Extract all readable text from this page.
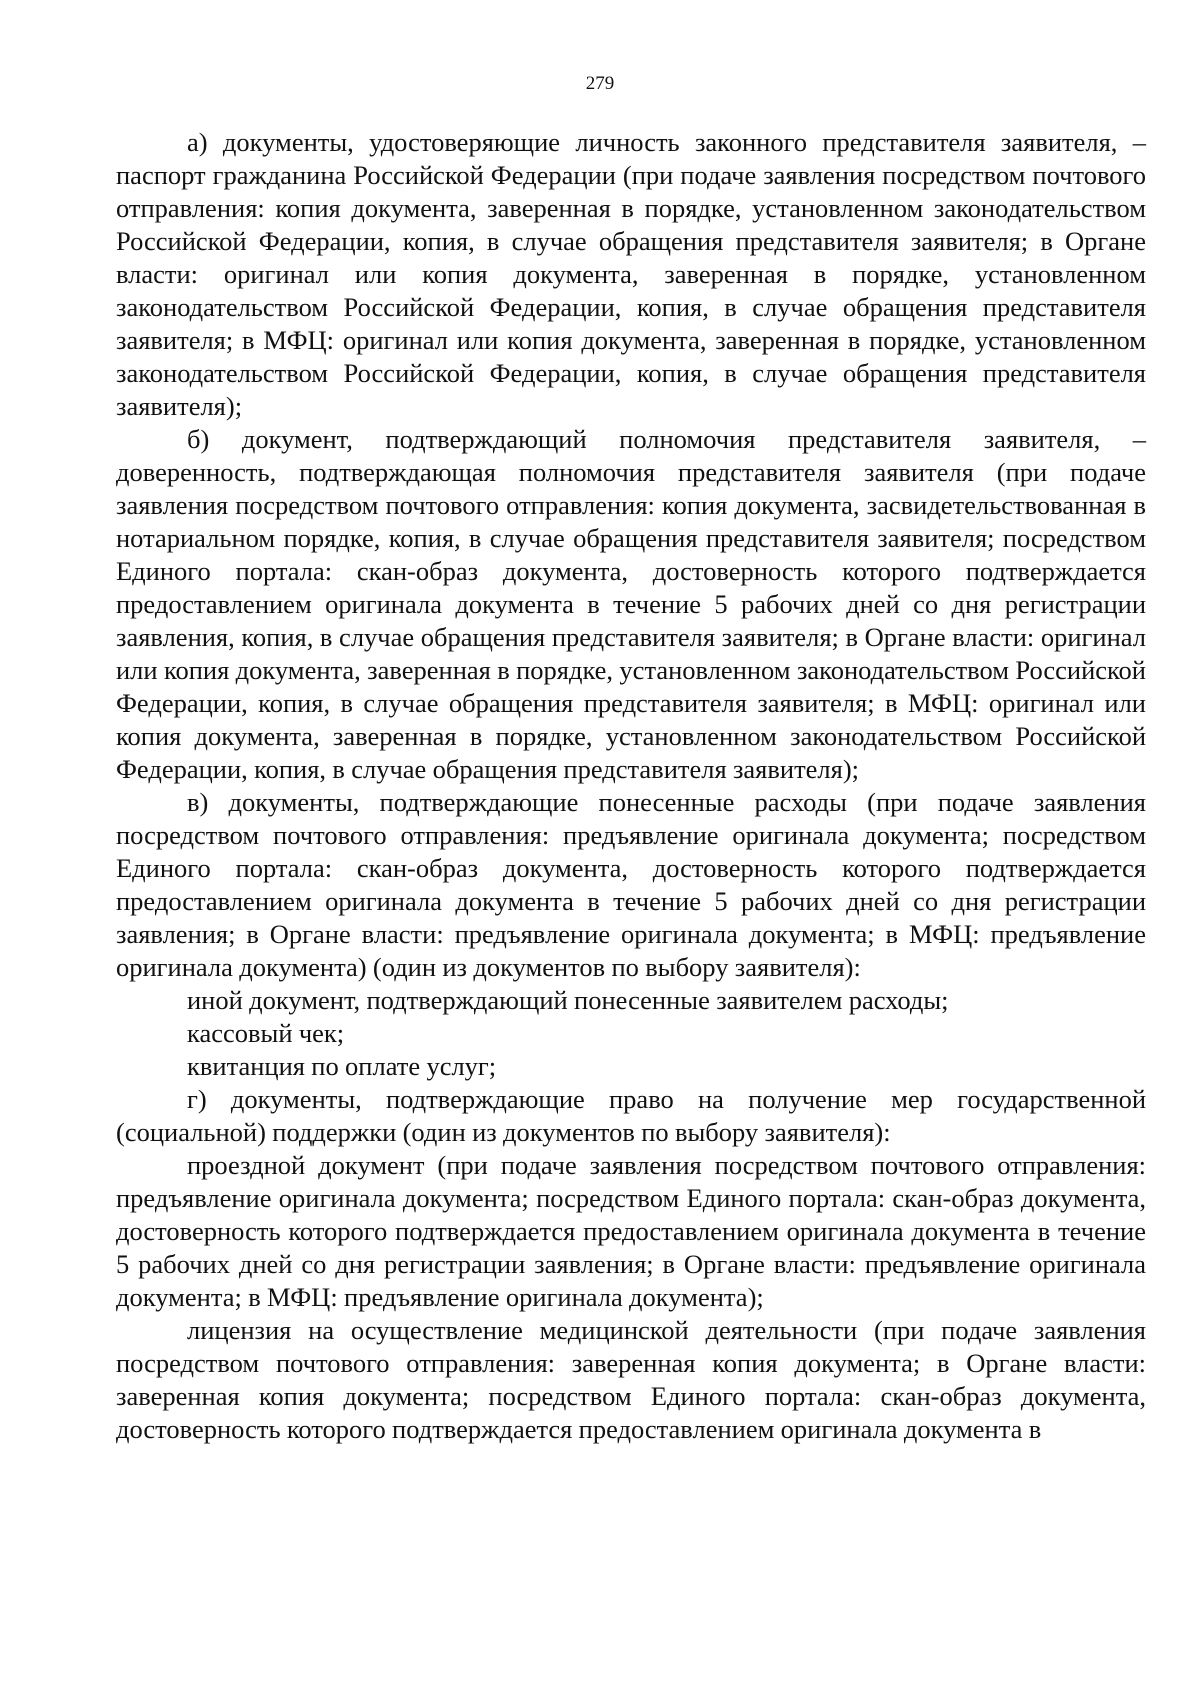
279

а) документы, удостоверяющие личность законного представителя заявителя, – паспорт гражданина Российской Федерации (при подаче заявления посредством почтового отправления: копия документа, заверенная в порядке, установленном законодательством Российской Федерации, копия, в случае обращения представителя заявителя; в Органе власти: оригинал или копия документа, заверенная в порядке, установленном законодательством Российской Федерации, копия, в случае обращения представителя заявителя; в МФЦ: оригинал или копия документа, заверенная в порядке, установленном законодательством Российской Федерации, копия, в случае обращения представителя заявителя);

б) документ, подтверждающий полномочия представителя заявителя, – доверенность, подтверждающая полномочия представителя заявителя (при подаче заявления посредством почтового отправления: копия документа, засвидетельствованная в нотариальном порядке, копия, в случае обращения представителя заявителя; посредством Единого портала: скан-образ документа, достоверность которого подтверждается предоставлением оригинала документа в течение 5 рабочих дней со дня регистрации заявления, копия, в случае обращения представителя заявителя; в Органе власти: оригинал или копия документа, заверенная в порядке, установленном законодательством Российской Федерации, копия, в случае обращения представителя заявителя; в МФЦ: оригинал или копия документа, заверенная в порядке, установленном законодательством Российской Федерации, копия, в случае обращения представителя заявителя);

в) документы, подтверждающие понесенные расходы (при подаче заявления посредством почтового отправления: предъявление оригинала документа; посредством Единого портала: скан-образ документа, достоверность которого подтверждается предоставлением оригинала документа в течение 5 рабочих дней со дня регистрации заявления; в Органе власти: предъявление оригинала документа; в МФЦ: предъявление оригинала документа) (один из документов по выбору заявителя):

иной документ, подтверждающий понесенные заявителем расходы;

кассовый чек;

квитанция по оплате услуг;

г) документы, подтверждающие право на получение мер государственной (социальной) поддержки (один из документов по выбору заявителя):

проездной документ (при подаче заявления посредством почтового отправления: предъявление оригинала документа; посредством Единого портала: скан-образ документа, достоверность которого подтверждается предоставлением оригинала документа в течение 5 рабочих дней со дня регистрации заявления; в Органе власти: предъявление оригинала документа; в МФЦ: предъявление оригинала документа);

лицензия на осуществление медицинской деятельности (при подаче заявления посредством почтового отправления: заверенная копия документа; в Органе власти: заверенная копия документа; посредством Единого портала: скан-образ документа, достоверность которого подтверждается предоставлением оригинала документа в
